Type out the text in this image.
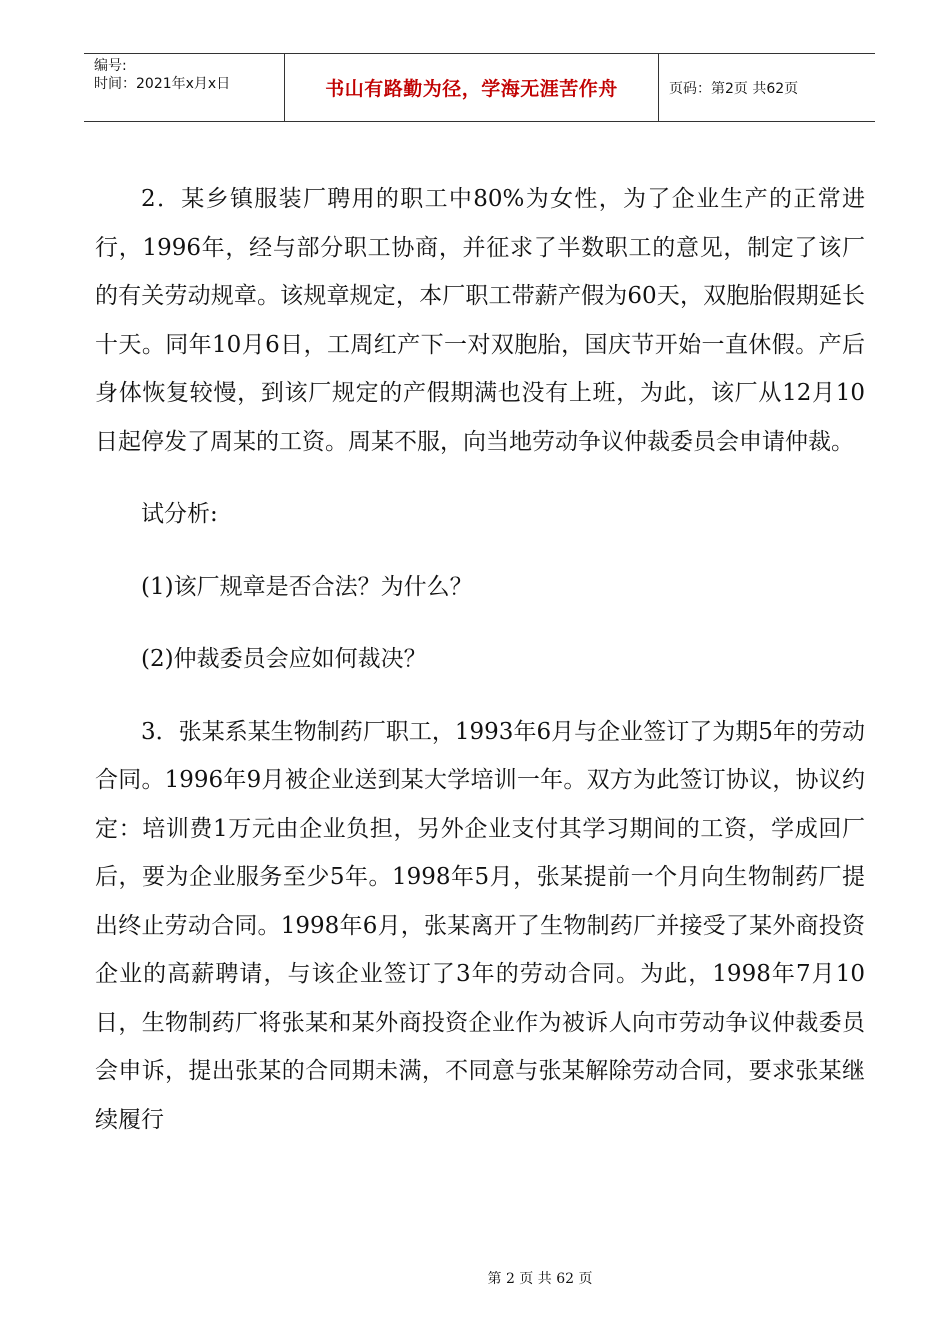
编号:
时间：2021年x月x日	书山有路勤为径，学海无涯苦作舟	页码：第2页 共62页

2．某乡镇服装厂聘用的职工中80%为女性，为了企业生产的正常进行，1996年，经与部分职工协商，并征求了半数职工的意见，制定了该厂的有关劳动规章。该规章规定，本厂职工带薪产假为60天，双胞胎假期延长十天。同年10月6日，工周红产下一对双胞胎，国庆节开始一直休假。产后身体恢复较慢，到该厂规定的产假期满也没有上班，为此，该厂从12月10日起停发了周某的工资。周某不服，向当地劳动争议仲裁委员会申请仲裁。

试分析:

(1)该厂规章是否合法？为什么？

(2)仲裁委员会应如何裁决？

3．张某系某生物制药厂职工，1993年6月与企业签订了为期5年的劳动合同。1996年9月被企业送到某大学培训一年。双方为此签订协议，协议约定：培训费1万元由企业负担，另外企业支付其学习期间的工资，学成回厂后，要为企业服务至少5年。1998年5月，张某提前一个月向生物制药厂提出终止劳动合同。1998年6月，张某离开了生物制药厂并接受了某外商投资企业的高薪聘请，与该企业签订了3年的劳动合同。为此，1998年7月10日，生物制药厂将张某和某外商投资企业作为被诉人向市劳动争议仲裁委员会申诉，提出张某的合同期未满，不同意与张某解除劳动合同，要求张某继续履行

第 2 页 共 62 页
